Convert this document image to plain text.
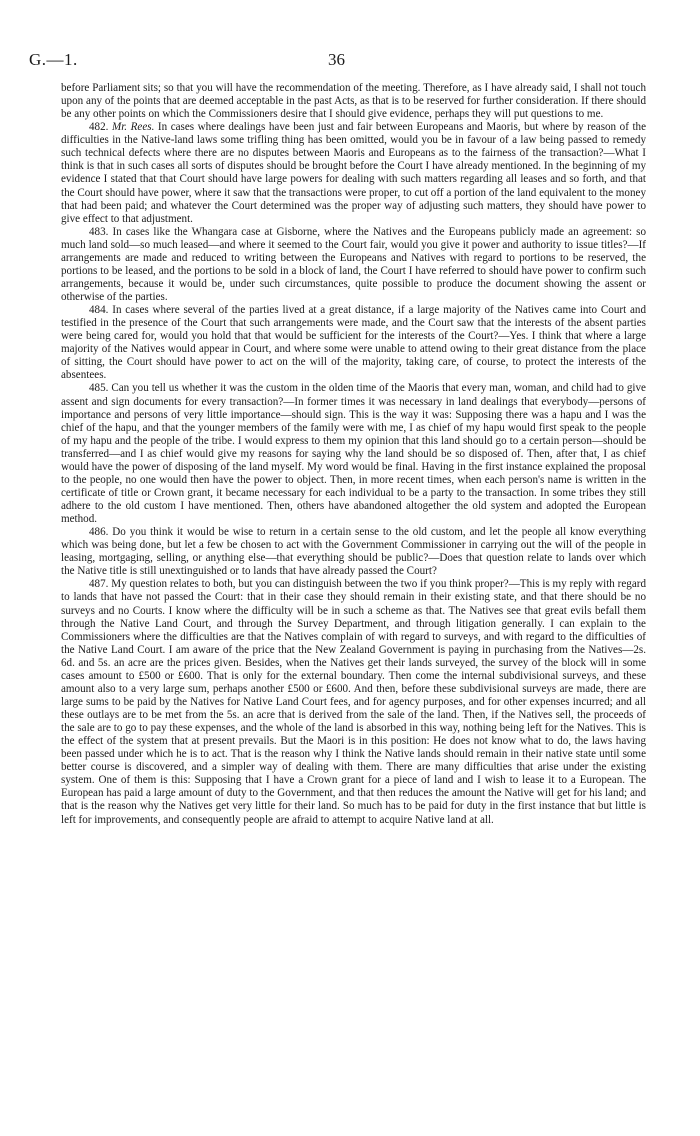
G.—1.	36

before Parliament sits; so that you will have the recommendation of the meeting. Therefore, as I have already said, I shall not touch upon any of the points that are deemed acceptable in the past Acts, as that is to be reserved for further consideration. If there should be any other points on which the Commissioners desire that I should give evidence, perhaps they will put questions to me.

482. Mr. Rees. In cases where dealings have been just and fair between Europeans and Maoris, but where by reason of the difficulties in the Native-land laws some trifling thing has been omitted, would you be in favour of a law being passed to remedy such technical defects where there are no disputes between Maoris and Europeans as to the fairness of the transaction?—What I think is that in such cases all sorts of disputes should be brought before the Court I have already mentioned. In the beginning of my evidence I stated that that Court should have large powers for dealing with such matters regarding all leases and so forth, and that the Court should have power, where it saw that the transactions were proper, to cut off a portion of the land equivalent to the money that had been paid; and whatever the Court determined was the proper way of adjusting such matters, they should have power to give effect to that adjustment.

483. In cases like the Whangara case at Gisborne, where the Natives and the Europeans publicly made an agreement: so much land sold—so much leased—and where it seemed to the Court fair, would you give it power and authority to issue titles?—If arrangements are made and reduced to writing between the Europeans and Natives with regard to portions to be reserved, the portions to be leased, and the portions to be sold in a block of land, the Court I have referred to should have power to confirm such arrangements, because it would be, under such circumstances, quite possible to produce the document showing the assent or otherwise of the parties.

484. In cases where several of the parties lived at a great distance, if a large majority of the Natives came into Court and testified in the presence of the Court that such arrangements were made, and the Court saw that the interests of the absent parties were being cared for, would you hold that that would be sufficient for the interests of the Court?—Yes. I think that where a large majority of the Natives would appear in Court, and where some were unable to attend owing to their great distance from the place of sitting, the Court should have power to act on the will of the majority, taking care, of course, to protect the interests of the absentees.

485. Can you tell us whether it was the custom in the olden time of the Maoris that every man, woman, and child had to give assent and sign documents for every transaction?—In former times it was necessary in land dealings that everybody—persons of importance and persons of very little importance—should sign. This is the way it was: Supposing there was a hapu and I was the chief of the hapu, and that the younger members of the family were with me, I as chief of my hapu would first speak to the people of my hapu and the people of the tribe. I would express to them my opinion that this land should go to a certain person—should be transferred—and I as chief would give my reasons for saying why the land should be so disposed of. Then, after that, I as chief would have the power of disposing of the land myself. My word would be final. Having in the first instance explained the proposal to the people, no one would then have the power to object. Then, in more recent times, when each person's name is written in the certificate of title or Crown grant, it became necessary for each individual to be a party to the transaction. In some tribes they still adhere to the old custom I have mentioned. Then, others have abandoned altogether the old system and adopted the European method.

486. Do you think it would be wise to return in a certain sense to the old custom, and let the people all know everything which was being done, but let a few be chosen to act with the Government Commissioner in carrying out the will of the people in leasing, mortgaging, selling, or anything else—that everything should be public?—Does that question relate to lands over which the Native title is still unextinguished or to lands that have already passed the Court?

487. My question relates to both, but you can distinguish between the two if you think proper?—This is my reply with regard to lands that have not passed the Court: that in their case they should remain in their existing state, and that there should be no surveys and no Courts. I know where the difficulty will be in such a scheme as that. The Natives see that great evils befall them through the Native Land Court, and through the Survey Department, and through litigation generally. I can explain to the Commissioners where the difficulties are that the Natives complain of with regard to surveys, and with regard to the difficulties of the Native Land Court. I am aware of the price that the New Zealand Government is paying in purchasing from the Natives—2s. 6d. and 5s. an acre are the prices given. Besides, when the Natives get their lands surveyed, the survey of the block will in some cases amount to £500 or £600. That is only for the external boundary. Then come the internal subdivisional surveys, and these amount also to a very large sum, perhaps another £500 or £600. And then, before these subdivisional surveys are made, there are large sums to be paid by the Natives for Native Land Court fees, and for agency purposes, and for other expenses incurred; and all these outlays are to be met from the 5s. an acre that is derived from the sale of the land. Then, if the Natives sell, the proceeds of the sale are to go to pay these expenses, and the whole of the land is absorbed in this way, nothing being left for the Natives. This is the effect of the system that at present prevails. But the Maori is in this position: He does not know what to do, the laws having been passed under which he is to act. That is the reason why I think the Native lands should remain in their native state until some better course is discovered, and a simpler way of dealing with them. There are many difficulties that arise under the existing system. One of them is this: Supposing that I have a Crown grant for a piece of land and I wish to lease it to a European. The European has paid a large amount of duty to the Government, and that then reduces the amount the Native will get for his land; and that is the reason why the Natives get very little for their land. So much has to be paid for duty in the first instance that but little is left for improvements, and consequently people are afraid to attempt to acquire Native land at all.
